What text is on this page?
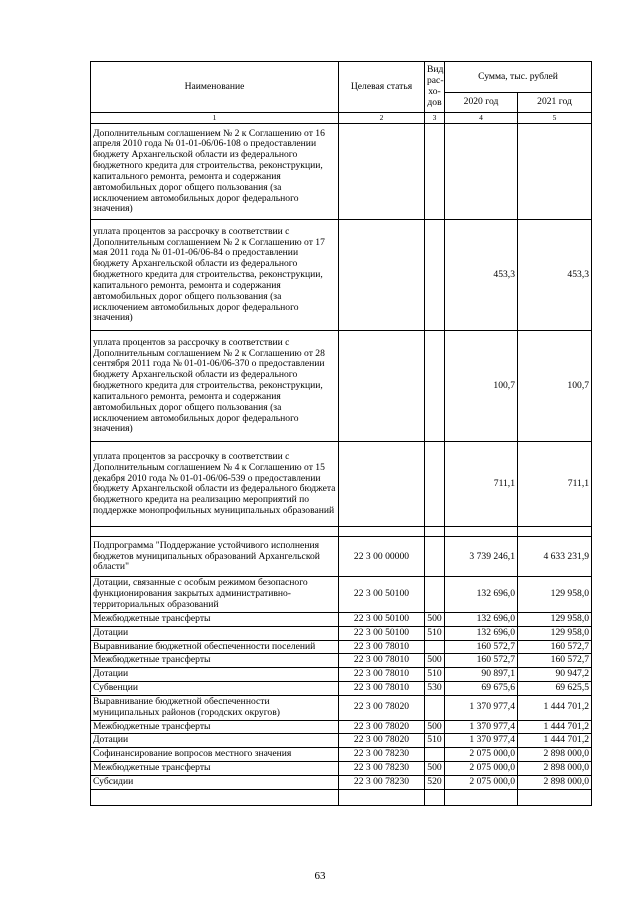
Наименование	Целевая статья	Вид рас-хо-дов	Сумма, тыс. рублей	
			2020 год	2021 год
1	2	3	4	5
Дополнительным соглашением № 2 к Соглашению от 16 апреля 2010 года № 01-01-06/06-108 о предоставлении бюджету Архангельской области из федерального бюджетного кредита для строительства, реконструкции, капитального ремонта, ремонта и содержания автомобильных дорог общего пользования (за исключением автомобильных дорог федерального значения)				
уплата процентов за рассрочку в соответствии с Дополнительным соглашением № 2 к Соглашению от 17 мая 2011 года № 01-01-06/06-84 о предоставлении бюджету Архангельской области из федерального бюджетного кредита для строительства, реконструкции, капитального ремонта, ремонта и содержания автомобильных дорог общего пользования (за исключением автомобильных дорог федерального значения)			453,3	453,3
уплата процентов за рассрочку в соответствии с Дополнительным соглашением № 2 к Соглашению от 28 сентября 2011 года № 01-01-06/06-370 о предоставлении бюджету Архангельской области из федерального бюджетного кредита для строительства, реконструкции, капитального ремонта, ремонта и содержания автомобильных дорог общего пользования (за исключением автомобильных дорог федерального значения)			100,7	100,7
уплата процентов за рассрочку в соответствии с Дополнительным соглашением № 4 к Соглашению от 15 декабря 2010 года № 01-01-06/06-539 о предоставлении бюджету Архангельской области из федерального бюджета бюджетного кредита на реализацию мероприятий по поддержке монопрофильных муниципальных образований			711,1	711,1

Подпрограмма "Поддержание устойчивого исполнения бюджетов муниципальных образований Архангельской области"	22 3 00 00000		3 739 246,1	4 633 231,9
Дотации, связанные с особым режимом безопасного функционирования закрытых административно-территориальных образований	22 3 00 50100		132 696,0	129 958,0
Межбюджетные трансферты	22 3 00 50100	500	132 696,0	129 958,0
Дотации	22 3 00 50100	510	132 696,0	129 958,0
Выравнивание бюджетной обеспеченности поселений	22 3 00 78010		160 572,7	160 572,7
Межбюджетные трансферты	22 3 00 78010	500	160 572,7	160 572,7
Дотации	22 3 00 78010	510	90 897,1	90 947,2
Субвенции	22 3 00 78010	530	69 675,6	69 625,5
Выравнивание бюджетной обеспеченности муниципальных районов (городских округов)	22 3 00 78020		1 370 977,4	1 444 701,2
Межбюджетные трансферты	22 3 00 78020	500	1 370 977,4	1 444 701,2
Дотации	22 3 00 78020	510	1 370 977,4	1 444 701,2
Софинансирование вопросов местного значения	22 3 00 78230		2 075 000,0	2 898 000,0
Межбюджетные трансферты	22 3 00 78230	500	2 075 000,0	2 898 000,0
Субсидии	22 3 00 78230	520	2 075 000,0	2 898 000,0

63
